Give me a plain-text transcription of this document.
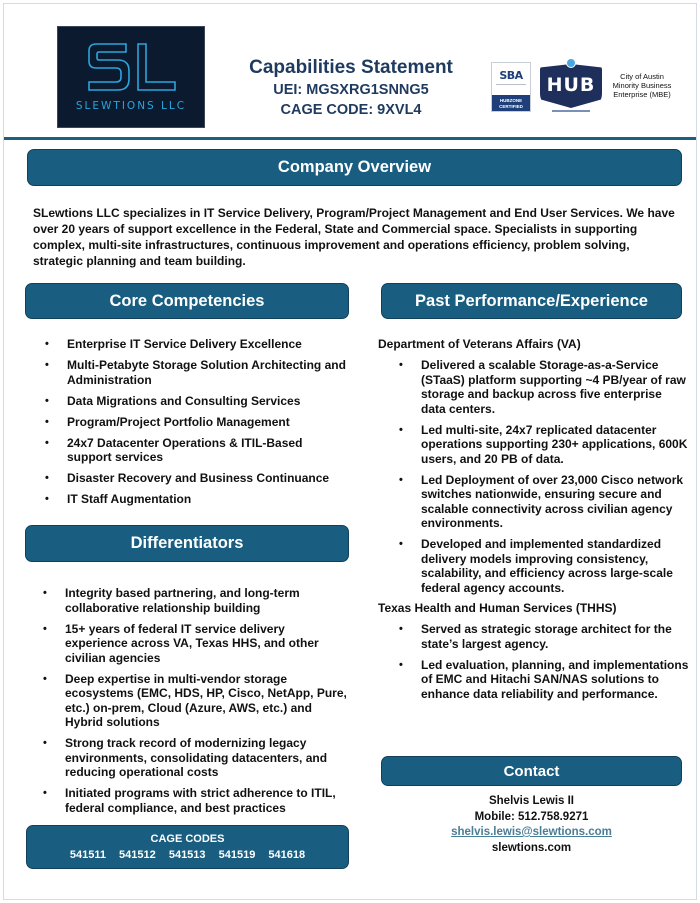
SLEWTIONS LLC
Capabilities Statement
UEI: MGSXRG1SNNG5
CAGE CODE: 9XVL4
SBA
HUBZONE CERTIFIED
HUB	City of Austin
Minority Business
Enterprise (MBE)
Company Overview

SLewtions LLC specializes in IT Service Delivery, Program/Project Management and End User Services. We have over 20 years of support excellence in the Federal, State and Commercial space. Specialists in supporting complex, multi-site infrastructures, continuous improvement and operations efficiency, problem solving, strategic planning and team building.

Core Competencies
• Enterprise IT Service Delivery Excellence
• Multi-Petabyte Storage Solution Architecting and Administration
• Data Migrations and Consulting Services
• Program/Project Portfolio Management
• 24x7 Datacenter Operations & ITIL-Based support services
• Disaster Recovery and Business Continuance
• IT Staff Augmentation
Differentiators
• Integrity based partnering, and long-term collaborative relationship building
• 15+ years of federal IT service delivery experience across VA, Texas HHS, and other civilian agencies
• Deep expertise in multi-vendor storage ecosystems (EMC, HDS, HP, Cisco, NetApp, Pure, etc.) on-prem, Cloud (Azure, AWS, etc.) and Hybrid solutions
• Strong track record of modernizing legacy environments, consolidating datacenters, and reducing operational costs
• Initiated programs with strict adherence to ITIL, federal compliance, and best practices
CAGE CODES
541511 541512 541513 541519 541618
Past Performance/Experience
Department of Veterans Affairs (VA)
• Delivered a scalable Storage-as-a-Service (STaaS) platform supporting ~4 PB/year of raw storage and backup across five enterprise data centers.
• Led multi-site, 24x7 replicated datacenter operations supporting 230+ applications, 600K users, and 20 PB of data.
• Led Deployment of over 23,000 Cisco network switches nationwide, ensuring secure and scalable connectivity across civilian agency environments.
• Developed and implemented standardized delivery models improving consistency, scalability, and efficiency across large-scale federal agency accounts.
Texas Health and Human Services (THHS)
• Served as strategic storage architect for the state’s largest agency.
• Led evaluation, planning, and implementations of EMC and Hitachi SAN/NAS solutions to enhance data reliability and performance.
Contact
Shelvis Lewis II
Mobile: 512.758.9271
shelvis.lewis@slewtions.com
slewtions.com
